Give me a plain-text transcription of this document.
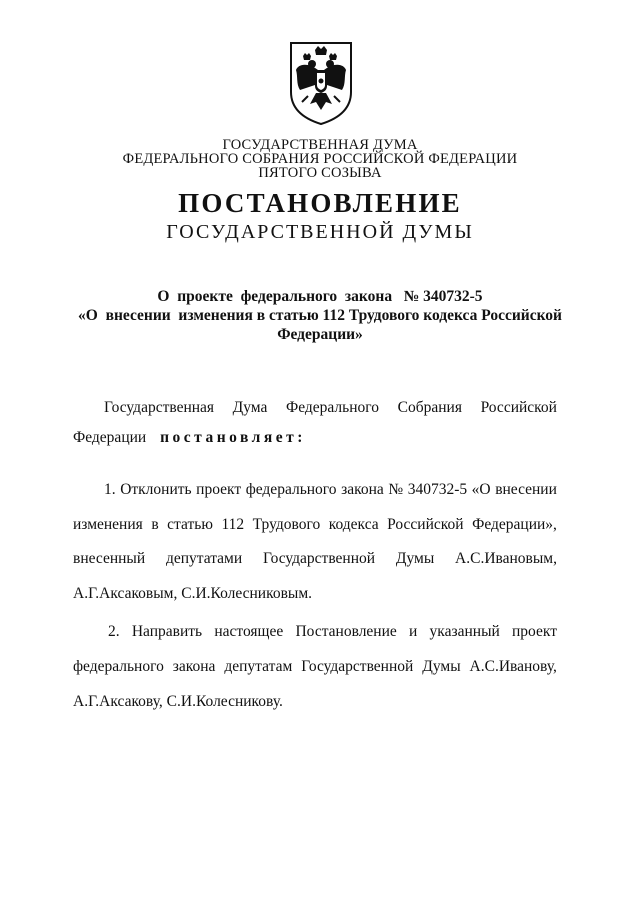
ГОСУДАРСТВЕННАЯ ДУМА
ФЕДЕРАЛЬНОГО СОБРАНИЯ РОССИЙСКОЙ ФЕДЕРАЦИИ
ПЯТОГО СОЗЫВА
ПОСТАНОВЛЕНИЕ
ГОСУДАРСТВЕННОЙ ДУМЫ
О  проекте  федерального  закона   № 340732-5
«О  внесении  изменения в статью 112 Трудового кодекса Российской
Федерации»
Государственная Дума Федерального Собрания Российской
Федерации постановляет:
1. Отклонить проект федерального закона № 340732-5 «О внесении
изменения в статью 112 Трудового кодекса Российской Федерации»,
внесенный депутатами Государственной Думы А.С.Ивановым,
А.Г.Аксаковым, С.И.Колесниковым.
2. Направить настоящее Постановление и указанный проект
федерального закона депутатам Государственной Думы А.С.Иванову,
А.Г.Аксакову, С.И.Колесникову.
